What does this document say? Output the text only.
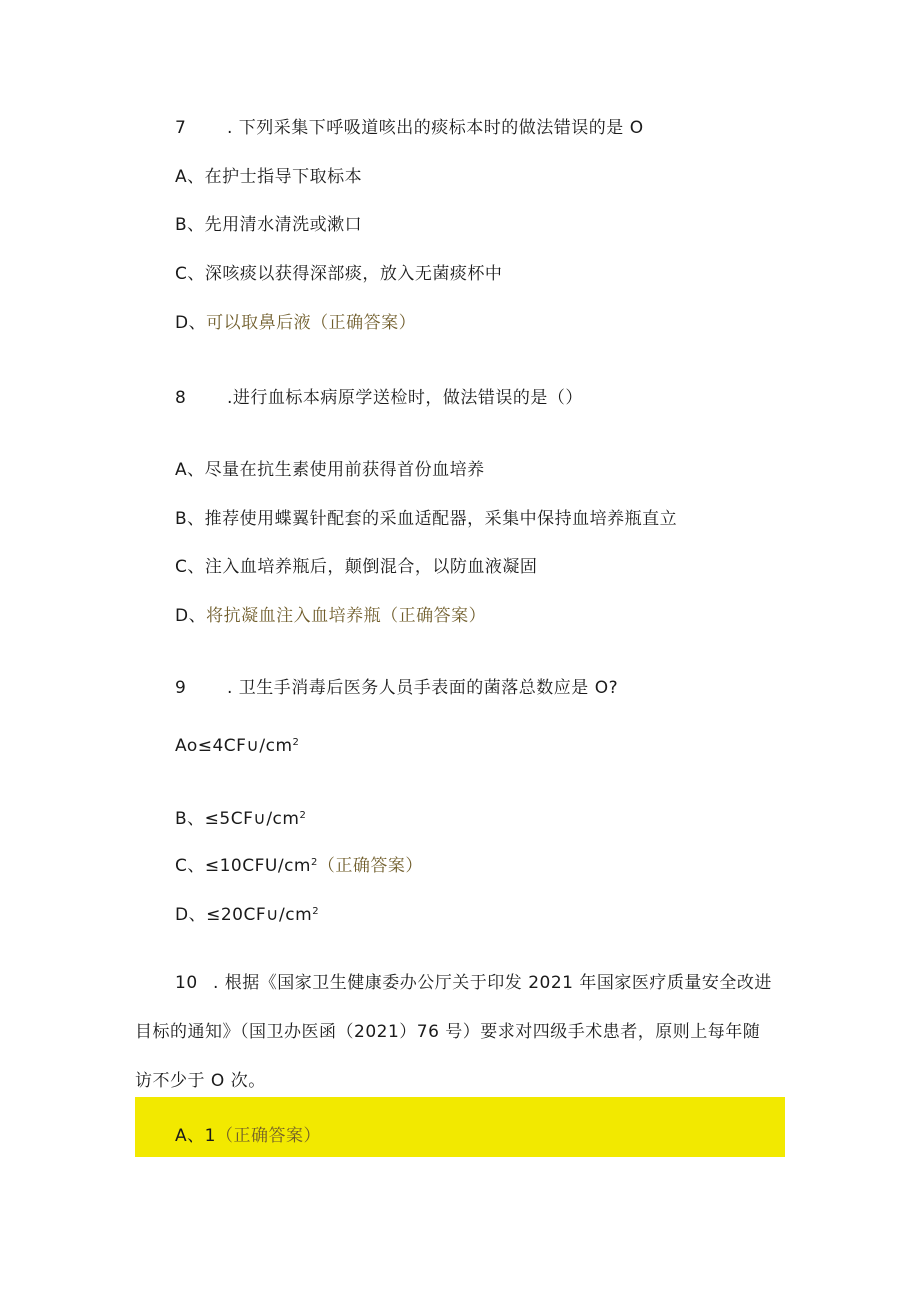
7 . 下列采集下呼吸道咳出的痰标本时的做法错误的是 O
A、在护士指导下取标本
B、先用清水清洗或漱口
C、深咳痰以获得深部痰，放入无菌痰杯中
D、可以取鼻后液（正确答案）
8 .进行血标本病原学送检时，做法错误的是（）
A、尽量在抗生素使用前获得首份血培养
B、推荐使用蝶翼针配套的采血适配器，采集中保持血培养瓶直立
C、注入血培养瓶后，颠倒混合，以防血液凝固
D、将抗凝血注入血培养瓶（正确答案）
9 . 卫生手消毒后医务人员手表面的菌落总数应是 O?
$Ao\le 4CF\cup∕cm^2$
B、$\le 5CF\cup∕cm^2$
C、$\le 10CFU∕cm^2$（正确答案）
D、$\le 20CF\cup∕cm^2$
10 . 根据《国家卫生健康委办公厅关于印发 2021 年国家医疗质量安全改进
目标的通知》（国卫办医函（2021）76 号）要求对四级手术患者，原则上每年随
访不少于 O 次。
A、1（正确答案）
